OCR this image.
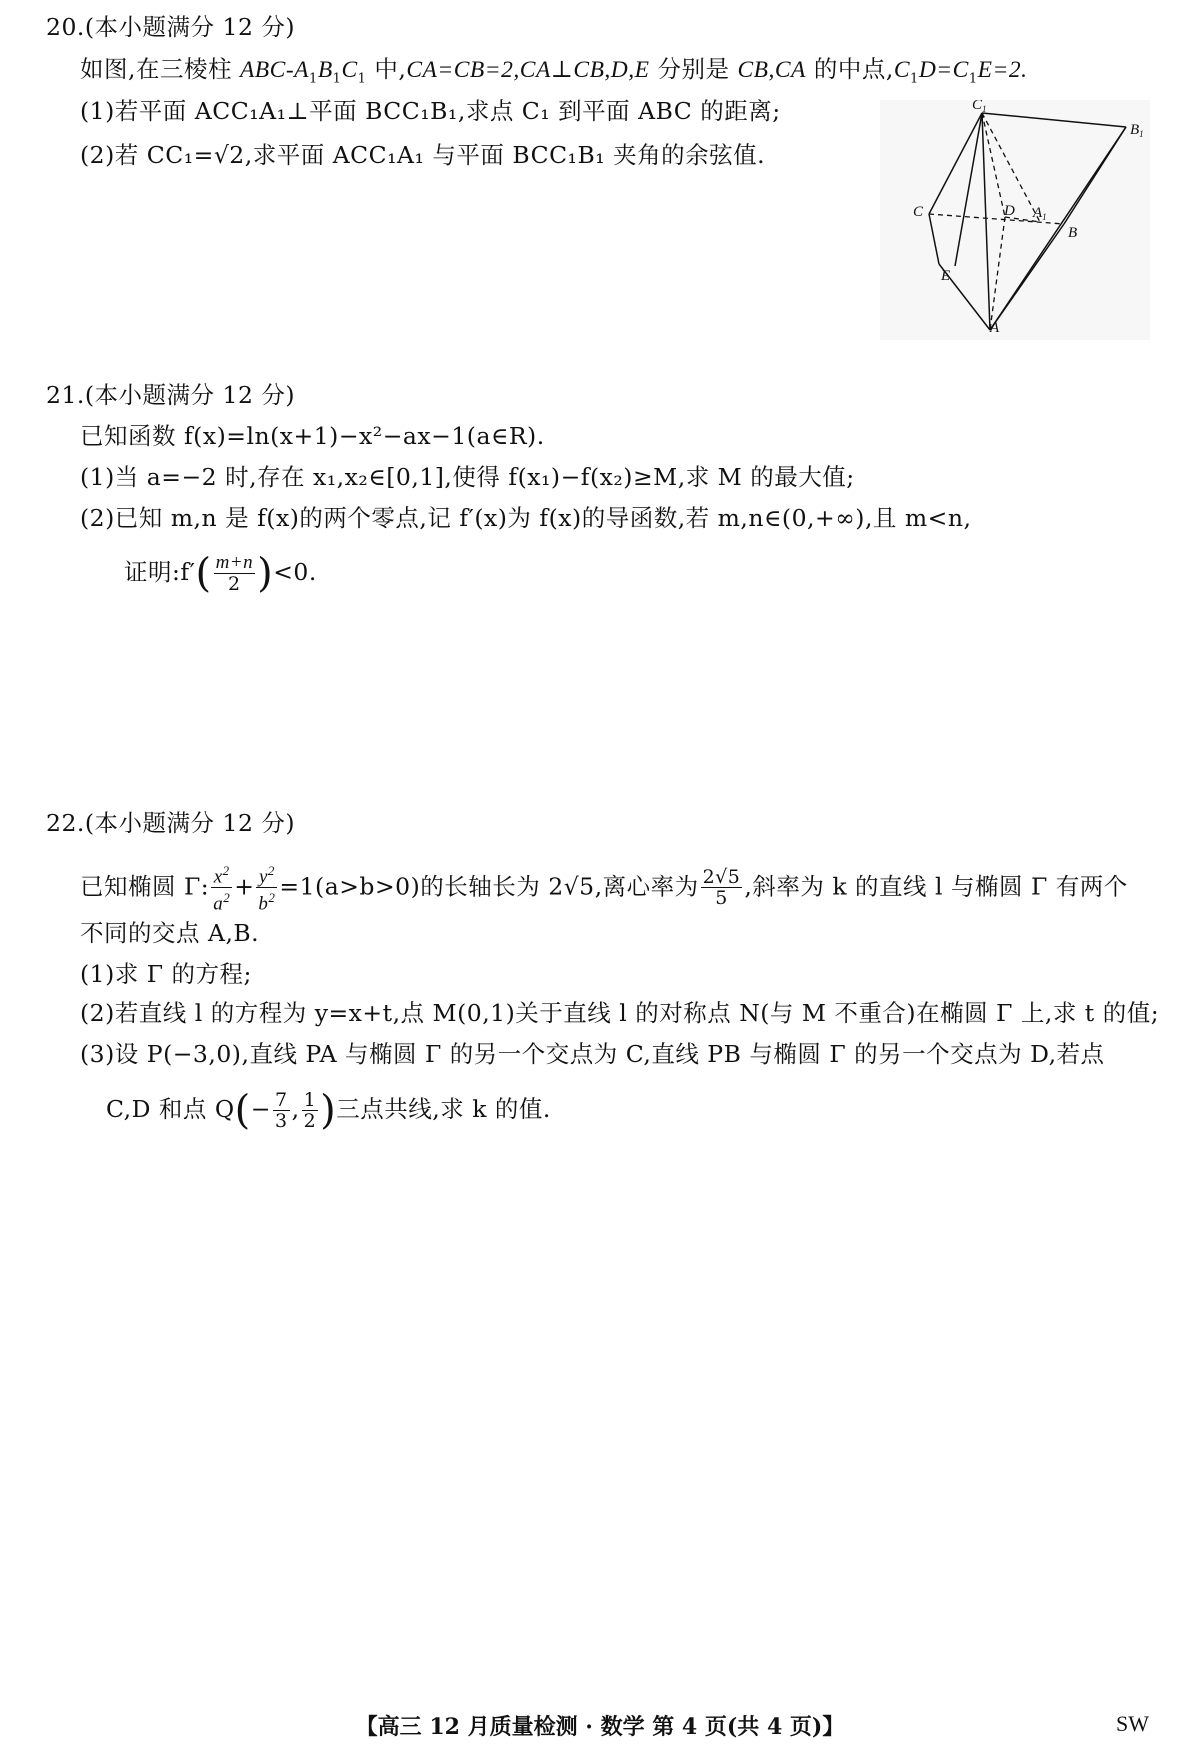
20.(本小题满分 12 分)
如图,在三棱柱 ABC-$A_1B_1C_1$ 中,CA=CB=2,CA⊥CB,D,E 分别是 CB,CA 的中点$,C_1D=C_1E=2$.
(1)若平面 ACC₁A₁⊥平面 BCC₁B₁,求点 C₁ 到平面 ABC 的距离;
(2)若 CC₁=√2,求平面 ACC₁A₁ 与平面 BCC₁B₁ 夹角的余弦值.
$C_1$
$B_1$
C	D $A_1$
B
E
A
21.(本小题满分 12 分)
已知函数 f(x)=ln(x+1)−x²−ax−1(a∈R).
(1)当 a=−2 时,存在 x₁,x₂∈[0,1],使得 f(x₁)−f(x₂)≥M,求 M 的最大值;
(2)已知 m,n 是 f(x)的两个零点,记 f′(x)为 f(x)的导函数,若 m,n∈(0,+∞),且 m<n,
证明:f′( $\frac{m+n}{2} )<0$.
22.(本小题满分 12 分)
已知椭圆 Γ: $\frac{x^2}{a^2} + \frac{y^2}{b^2} =1(a>b>0)$的长轴长为 2√5,离心率为 $\frac{2√5}{5}$ ,斜率为 k 的直线 l 与椭圆 Γ 有两个
不同的交点 A,B.
(1)求 Γ 的方程;
(2)若直线 l 的方程为 y=x+t,点 M(0,1)关于直线 l 的对称点 N(与 M 不重合)在椭圆 Γ 上,求 t 的值;
(3)设 P(−3,0),直线 PA 与椭圆 Γ 的另一个交点为 C,直线 PB 与椭圆 Γ 的另一个交点为 D,若点
C,D 和点 $Q(- \frac{7}{3}$ , $\frac{1}{2}$ )三点共线,求 k 的值.
【高三 12 月质量检测 · 数学 第 4 页(共 4 页)】	SW
